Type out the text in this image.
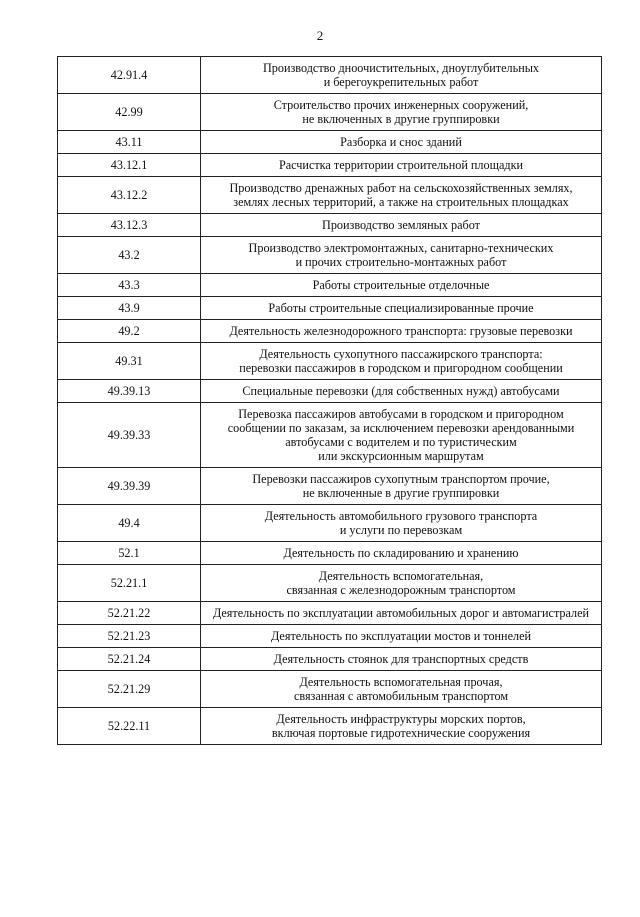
2
42.91.4	Производство дноочистительных, дноуглубительных
и берегоукрепительных работ
42.99	Строительство прочих инженерных сооружений,
не включенных в другие группировки
43.11	Разборка и снос зданий
43.12.1	Расчистка территории строительной площадки
43.12.2	Производство дренажных работ на сельскохозяйственных землях,
землях лесных территорий, а также на строительных площадках
43.12.3	Производство земляных работ
43.2	Производство электромонтажных, санитарно-технических
и прочих строительно-монтажных работ
43.3	Работы строительные отделочные
43.9	Работы строительные специализированные прочие
49.2	Деятельность железнодорожного транспорта: грузовые перевозки
49.31	Деятельность сухопутного пассажирского транспорта:
перевозки пассажиров в городском и пригородном сообщении
49.39.13	Специальные перевозки (для собственных нужд) автобусами
49.39.33	Перевозка пассажиров автобусами в городском и пригородном
сообщении по заказам, за исключением перевозки арендованными
автобусами с водителем и по туристическим
или экскурсионным маршрутам
49.39.39	Перевозки пассажиров сухопутным транспортом прочие,
не включенные в другие группировки
49.4	Деятельность автомобильного грузового транспорта
и услуги по перевозкам
52.1	Деятельность по складированию и хранению
52.21.1	Деятельность вспомогательная,
связанная с железнодорожным транспортом
52.21.22	Деятельность по эксплуатации автомобильных дорог и автомагистралей
52.21.23	Деятельность по эксплуатации мостов и тоннелей
52.21.24	Деятельность стоянок для транспортных средств
52.21.29	Деятельность вспомогательная прочая,
связанная с автомобильным транспортом
52.22.11	Деятельность инфраструктуры морских портов,
включая портовые гидротехнические сооружения
